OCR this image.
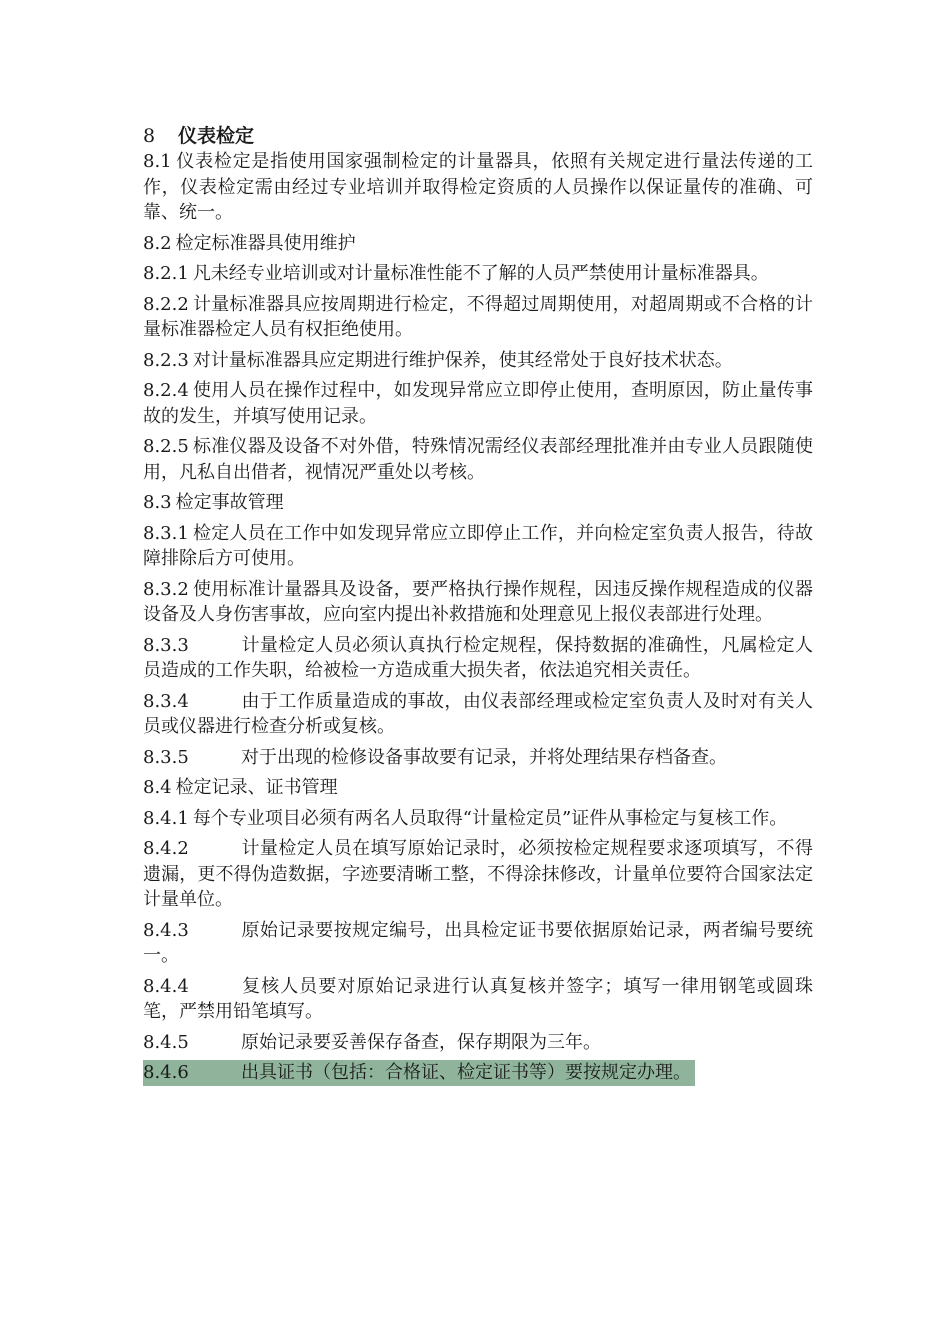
8 仪表检定
8.1 仪表检定是指使用国家强制检定的计量器具，依照有关规定进行量法传递的工作，仪表检定需由经过专业培训并取得检定资质的人员操作以保证量传的准确、可靠、统一。
8.2 检定标准器具使用维护
8.2.1 凡未经专业培训或对计量标准性能不了解的人员严禁使用计量标准器具。
8.2.2 计量标准器具应按周期进行检定，不得超过周期使用，对超周期或不合格的计量标准器检定人员有权拒绝使用。
8.2.3 对计量标准器具应定期进行维护保养，使其经常处于良好技术状态。
8.2.4 使用人员在操作过程中，如发现异常应立即停止使用，查明原因，防止量传事故的发生，并填写使用记录。
8.2.5 标准仪器及设备不对外借，特殊情况需经仪表部经理批准并由专业人员跟随使用，凡私自出借者，视情况严重处以考核。
8.3 检定事故管理
8.3.1 检定人员在工作中如发现异常应立即停止工作，并向检定室负责人报告，待故障排除后方可使用。
8.3.2 使用标准计量器具及设备，要严格执行操作规程，因违反操作规程造成的仪器设备及人身伤害事故，应向室内提出补救措施和处理意见上报仪表部进行处理。
8.3.3	计量检定人员必须认真执行检定规程，保持数据的准确性，凡属检定人员造成的工作失职，给被检一方造成重大损失者，依法追究相关责任。
8.3.4	由于工作质量造成的事故，由仪表部经理或检定室负责人及时对有关人员或仪器进行检查分析或复核。
8.3.5	对于出现的检修设备事故要有记录，并将处理结果存档备查。
8.4 检定记录、证书管理
8.4.1 每个专业项目必须有两名人员取得“计量检定员”证件从事检定与复核工作。
8.4.2	计量检定人员在填写原始记录时，必须按检定规程要求逐项填写，不得遗漏，更不得伪造数据，字迹要清晰工整，不得涂抹修改，计量单位要符合国家法定计量单位。
8.4.3	原始记录要按规定编号，出具检定证书要依据原始记录，两者编号要统一。
8.4.4	复核人员要对原始记录进行认真复核并签字；填写一律用钢笔或圆珠笔，严禁用铅笔填写。
8.4.5	原始记录要妥善保存备查，保存期限为三年。
8.4.6	出具证书（包括：合格证、检定证书等）要按规定办理。
